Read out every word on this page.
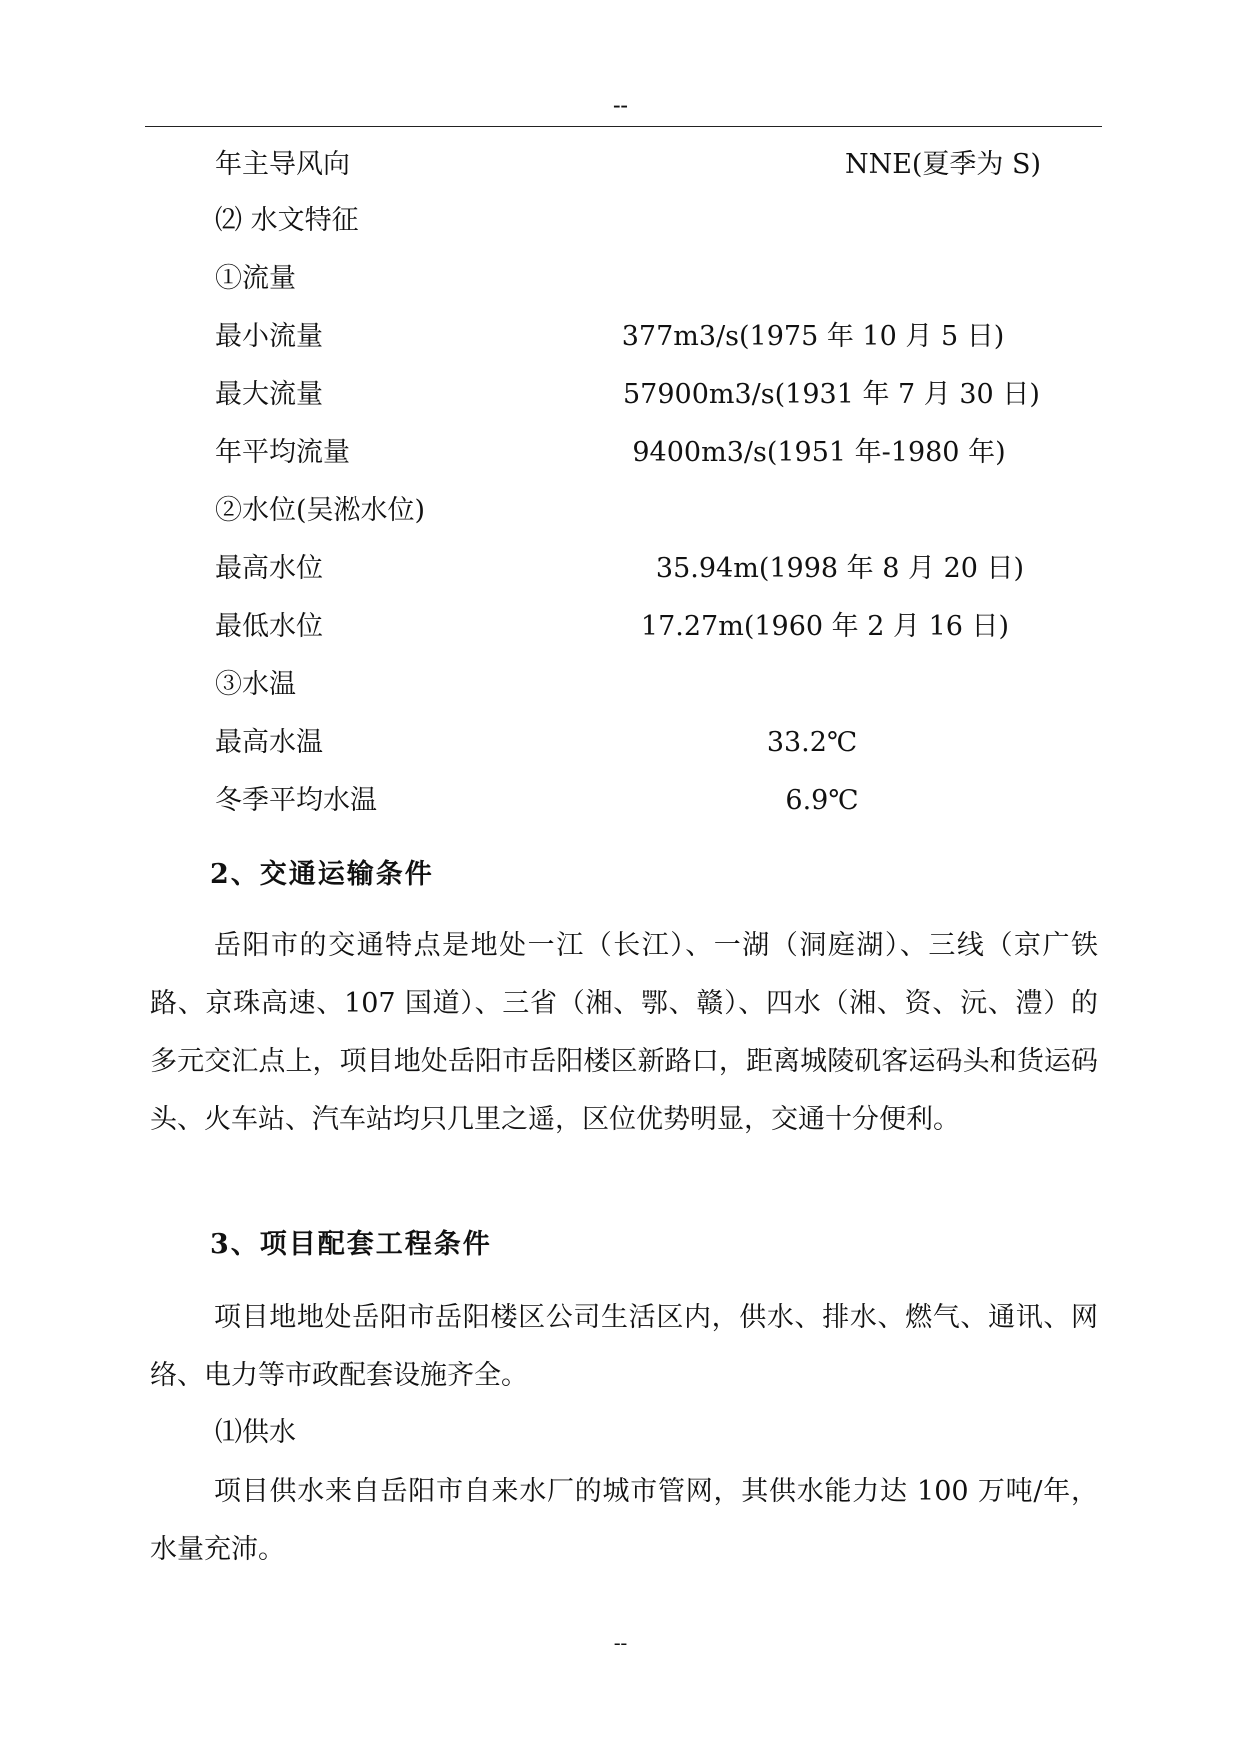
--
年主导风向	NNE(夏季为 S)
⑵ 水文特征
①流量
最小流量	377m3/s(1975 年 10 月 5 日)
最大流量	57900m3/s(1931 年 7 月 30 日)
年平均流量	9400m3/s(1951 年-1980 年)
②水位(吴淞水位)
最高水位	35.94m(1998 年 8 月 20 日)
最低水位	17.27m(1960 年 2 月 16 日)
③水温
最高水温	33.2℃
冬季平均水温	6.9℃
2、交通运输条件

岳阳市的交通特点是地处一江（长江）、一湖（洞庭湖）、三线（京广铁路、京珠高速、107 国道）、三省（湘、鄂、赣）、四水（湘、资、沅、澧）的多元交汇点上，项目地处岳阳市岳阳楼区新路口，距离城陵矶客运码头和货运码头、火车站、汽车站均只几里之遥，区位优势明显，交通十分便利。

3、项目配套工程条件

项目地地处岳阳市岳阳楼区公司生活区内，供水、排水、燃气、通讯、网络、电力等市政配套设施齐全。

⑴供水

项目供水来自岳阳市自来水厂的城市管网，其供水能力达 100 万吨/年，水量充沛。

--
